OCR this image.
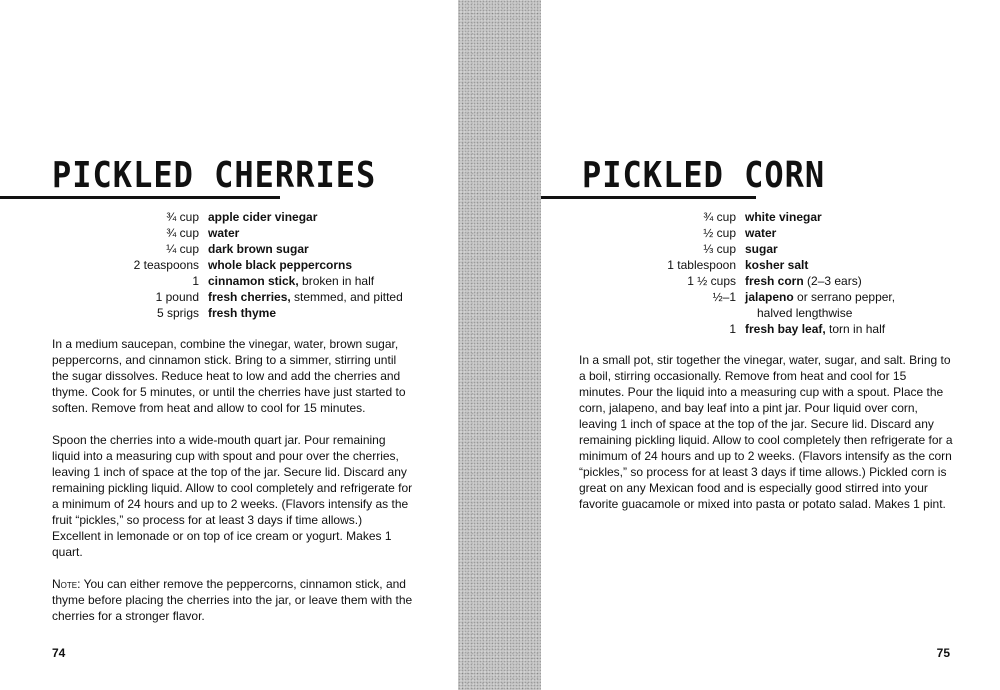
PICKLED CHERRIES
¾ cup apple cider vinegar
¾ cup water
¼ cup dark brown sugar
2 teaspoons whole black peppercorns
1 cinnamon stick, broken in half
1 pound fresh cherries, stemmed, and pitted
5 sprigs fresh thyme

In a medium saucepan, combine the vinegar, water, brown sugar, peppercorns, and cinnamon stick. Bring to a simmer, stirring until the sugar dissolves. Reduce heat to low and add the cherries and thyme. Cook for 5 minutes, or until the cherries have just started to soften. Remove from heat and allow to cool for 15 minutes.

Spoon the cherries into a wide-mouth quart jar. Pour remaining liquid into a measuring cup with spout and pour over the cherries, leaving 1 inch of space at the top of the jar. Secure lid. Discard any remaining pickling liquid. Allow to cool completely and refrigerate for a minimum of 24 hours and up to 2 weeks. (Flavors intensify as the fruit “pickles,” so process for at least 3 days if time allows.) Excellent in lemonade or on top of ice cream or yogurt. Makes 1 quart.

Note: You can either remove the peppercorns, cinnamon stick, and thyme before placing the cherries into the jar, or leave them with the cherries for a stronger flavor.

74
PICKLED CORN
¾ cup white vinegar
½ cup water
⅓ cup sugar
1 tablespoon kosher salt
1 ½ cups fresh corn (2–3 ears)
½–1 jalapeno or serrano pepper,
halved lengthwise
1 fresh bay leaf, torn in half

In a small pot, stir together the vinegar, water, sugar, and salt. Bring to a boil, stirring occasionally. Remove from heat and cool for 15 minutes. Pour the liquid into a measuring cup with a spout. Place the corn, jalapeno, and bay leaf into a pint jar. Pour liquid over corn, leaving 1 inch of space at the top of the jar. Secure lid. Discard any remaining pickling liquid. Allow to cool completely then refrigerate for a minimum of 24 hours and up to 2 weeks. (Flavors intensify as the corn “pickles,” so process for at least 3 days if time allows.) Pickled corn is great on any Mexican food and is especially good stirred into your favorite guacamole or mixed into pasta or potato salad. Makes 1 pint.

75
